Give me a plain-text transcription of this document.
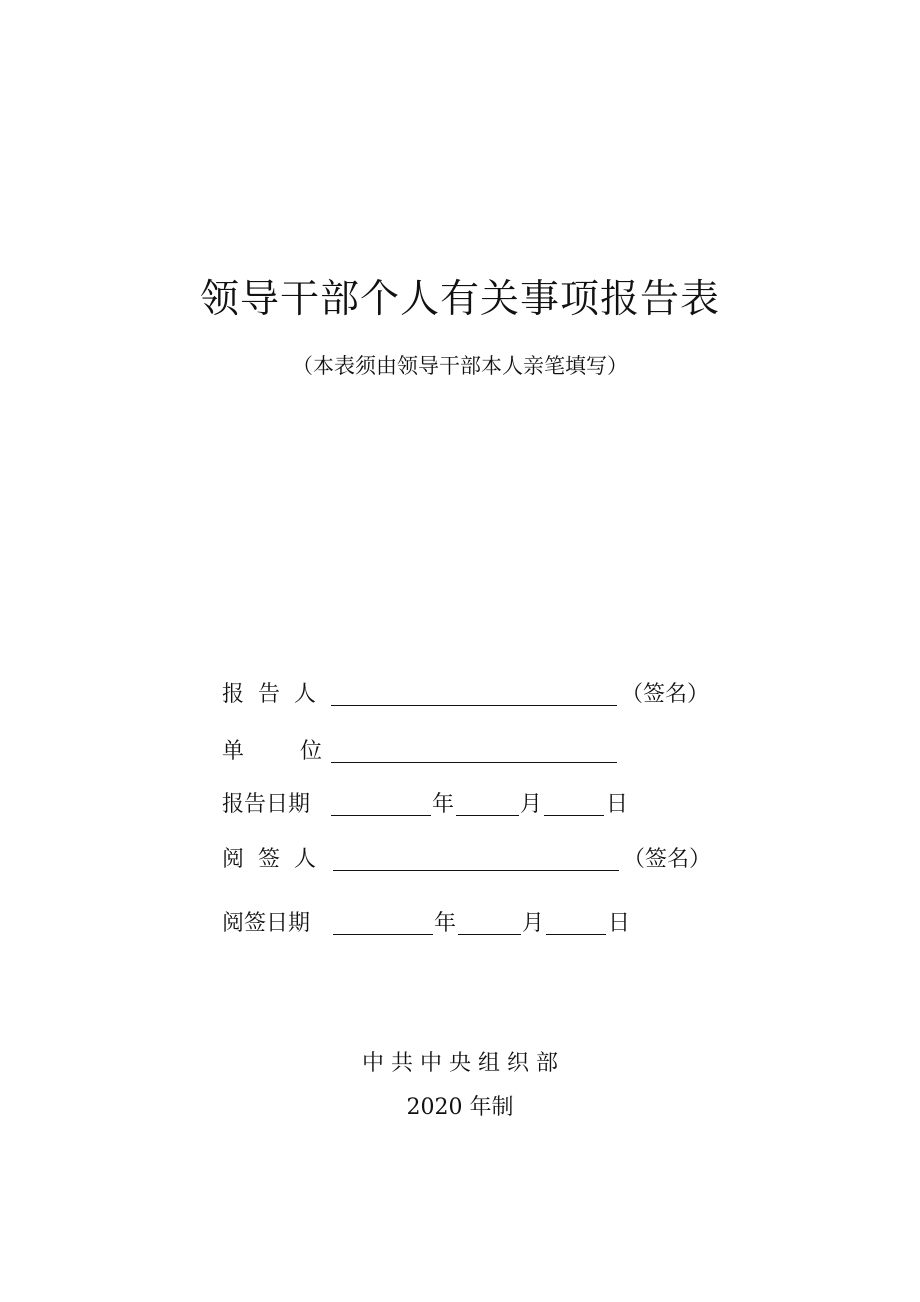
领导干部个人有关事项报告表
（本表须由领导干部本人亲笔填写）
报  告  人	（签名）
单        位
报告日期	年	月	日
阅  签  人	（签名）
阅签日期	年	月	日
中 共 中 央 组 织 部
2020 年制
